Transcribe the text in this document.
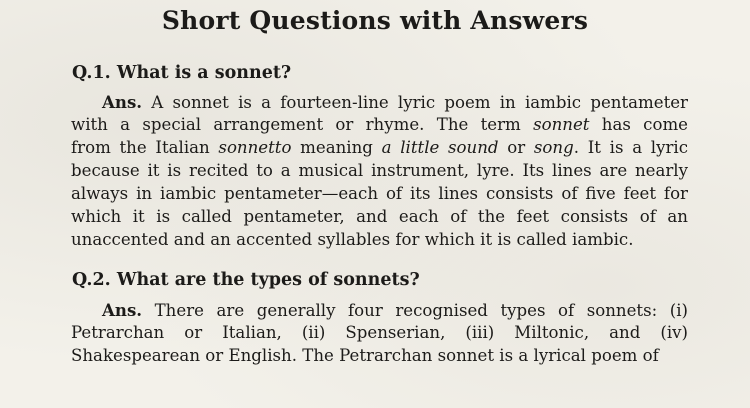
Short Questions with Answers
Q.1. What is a sonnet?
Ans. A sonnet is a fourteen-line lyric poem in iambic pentameter
with a special arrangement or rhyme. The term sonnet has come
from the Italian sonnetto meaning a little sound or song. It is a lyric
because it is recited to a musical instrument, lyre. Its lines are nearly
always in iambic pentameter—each of its lines consists of five feet for
which it is called pentameter, and each of the feet consists of an
unaccented and an accented syllables for which it is called iambic.
Q.2. What are the types of sonnets?
Ans. There are generally four recognised types of sonnets: (i)
Petrarchan or Italian, (ii) Spenserian, (iii) Miltonic, and (iv)
Shakespearean or English. The Petrarchan sonnet is a lyrical poem of
